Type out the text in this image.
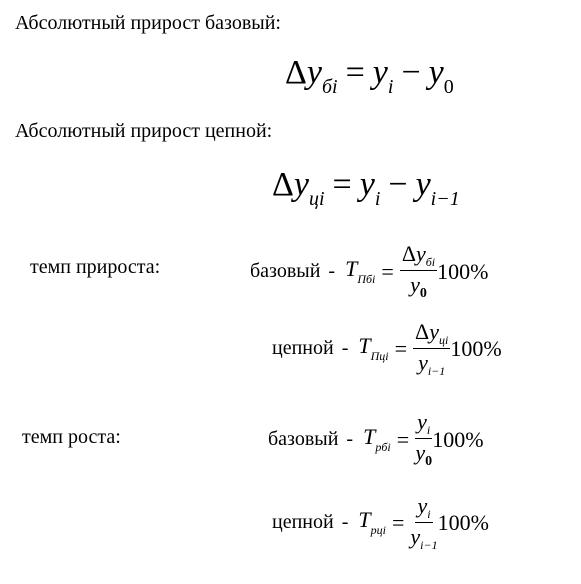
Абсолютный прирост базовый:
$\Delta y_{бi} = y_i - y_0$
Абсолютный прирост цепной:
$\Delta y_{цi} = y_i - y_{i-1}$
темп прироста:	базовый - $T_{Пбi} = \frac{\Delta y_{бi}}{y_0} 100\%$
цепной - $T_{Пцi} = \frac{\Delta y_{цi}}{y_{i-1}} 100\%$
темп роста:	базовый - $T_{рбi} = \frac{y_i}{y_0} 100\%$
цепной - $T_{рцi} = \frac{y_i}{y_{i-1}} 100\%$
